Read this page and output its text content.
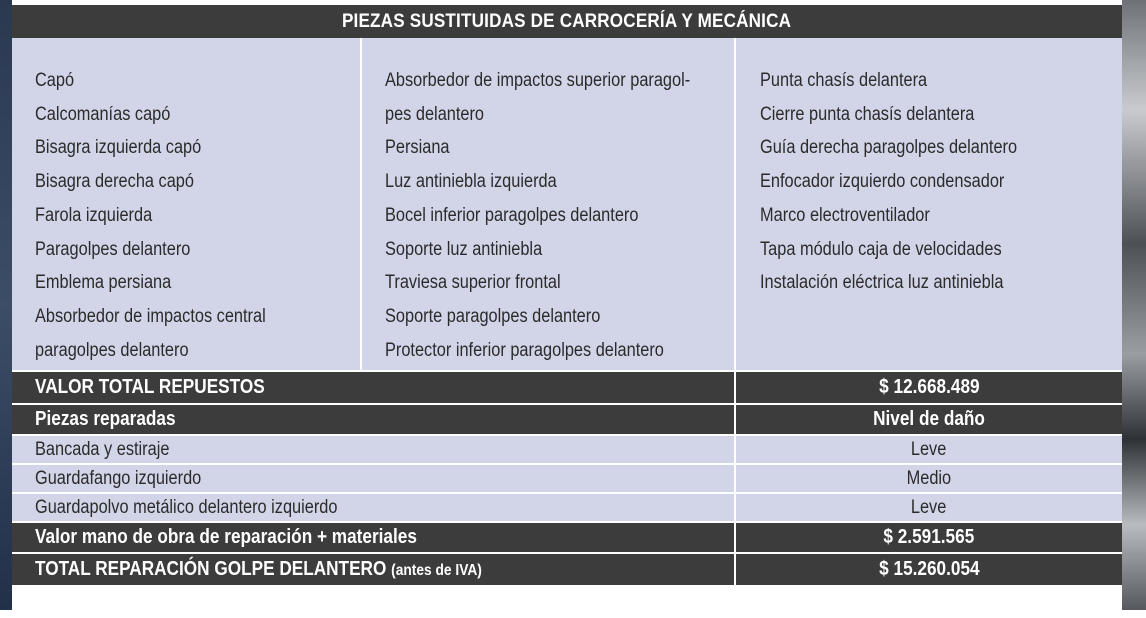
PIEZAS SUSTITUIDAS DE CARROCERÍA Y MECÁNICA
Capó
Calcomanías capó
Bisagra izquierda capó
Bisagra derecha capó
Farola izquierda
Paragolpes delantero
Emblema persiana
Absorbedor de impactos central
paragolpes delantero
Absorbedor de impactos superior paragol-
pes delantero
Persiana
Luz antiniebla izquierda
Bocel inferior paragolpes delantero
Soporte luz antiniebla
Traviesa superior frontal
Soporte paragolpes delantero
Protector inferior paragolpes delantero
Punta chasís delantera
Cierre punta chasís delantera
Guía derecha paragolpes delantero
Enfocador izquierdo condensador
Marco electroventilador
Tapa módulo caja de velocidades
Instalación eléctrica luz antiniebla
VALOR TOTAL REPUESTOS	$ 12.668.489
Piezas reparadas	Nivel de daño
Bancada y estiraje	Leve
Guardafango izquierdo	Medio
Guardapolvo metálico delantero izquierdo	Leve
Valor mano de obra de reparación + materiales	$ 2.591.565
TOTAL REPARACIÓN GOLPE DELANTERO (antes de IVA)	$ 15.260.054
